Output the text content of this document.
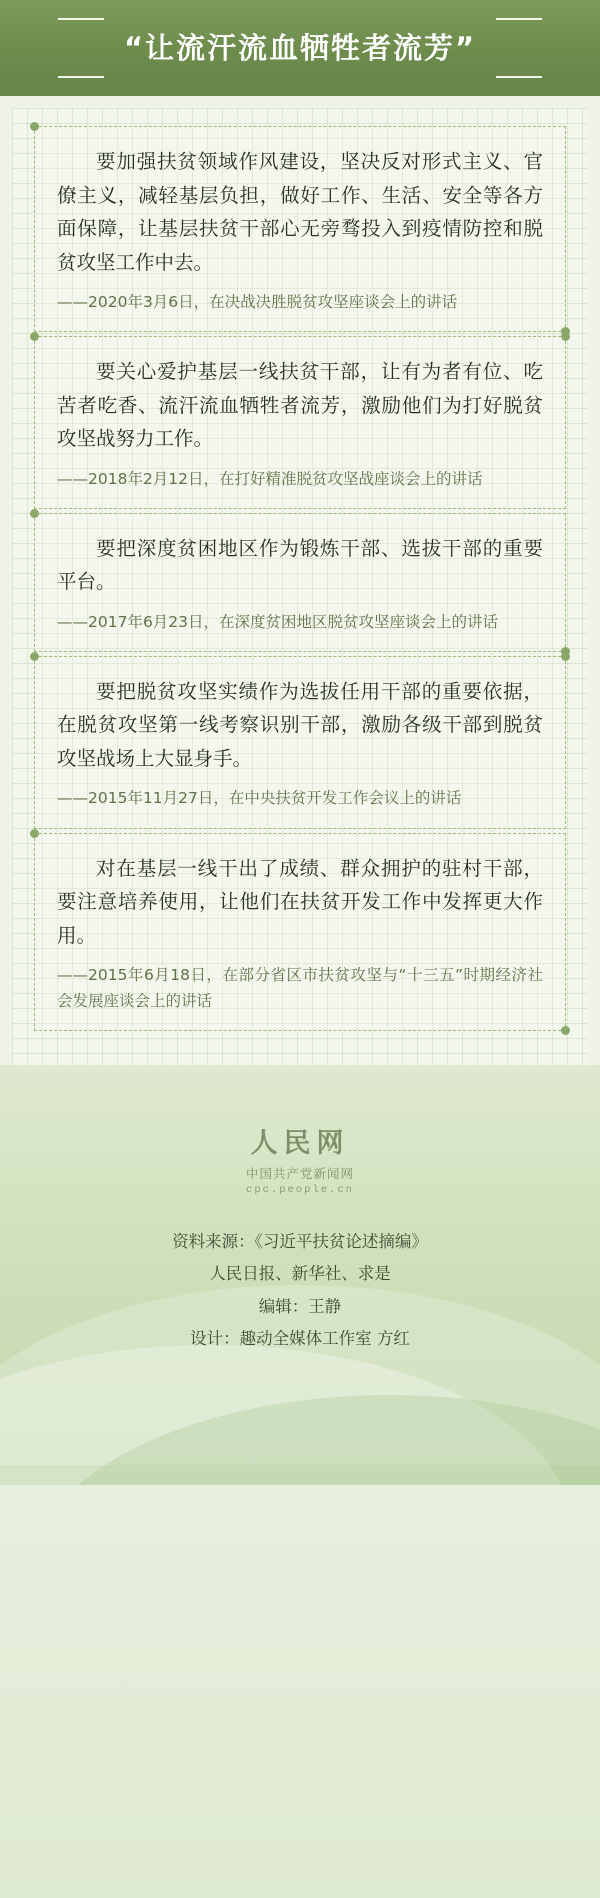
“让流汗流血牺牲者流芳”
要加强扶贫领域作风建设，坚决反对形式主义、官僚主义，减轻基层负担，做好工作、生活、安全等各方面保障，让基层扶贫干部心无旁骛投入到疫情防控和脱贫攻坚工作中去。
——2020年3月6日，在决战决胜脱贫攻坚座谈会上的讲话
要关心爱护基层一线扶贫干部，让有为者有位、吃苦者吃香、流汗流血牺牲者流芳，激励他们为打好脱贫攻坚战努力工作。
——2018年2月12日，在打好精准脱贫攻坚战座谈会上的讲话
要把深度贫困地区作为锻炼干部、选拔干部的重要平台。
——2017年6月23日，在深度贫困地区脱贫攻坚座谈会上的讲话
要把脱贫攻坚实绩作为选拔任用干部的重要依据，在脱贫攻坚第一线考察识别干部，激励各级干部到脱贫攻坚战场上大显身手。
——2015年11月27日，在中央扶贫开发工作会议上的讲话
对在基层一线干出了成绩、群众拥护的驻村干部，要注意培养使用，让他们在扶贫开发工作中发挥更大作用。
——2015年6月18日，在部分省区市扶贫攻坚与“十三五”时期经济社会发展座谈会上的讲话
人民网
中国共产党新闻网
cpc.people.cn
资料来源：《习近平扶贫论述摘编》
人民日报、新华社、求是
编辑：王静
设计：趣动全媒体工作室 方红
